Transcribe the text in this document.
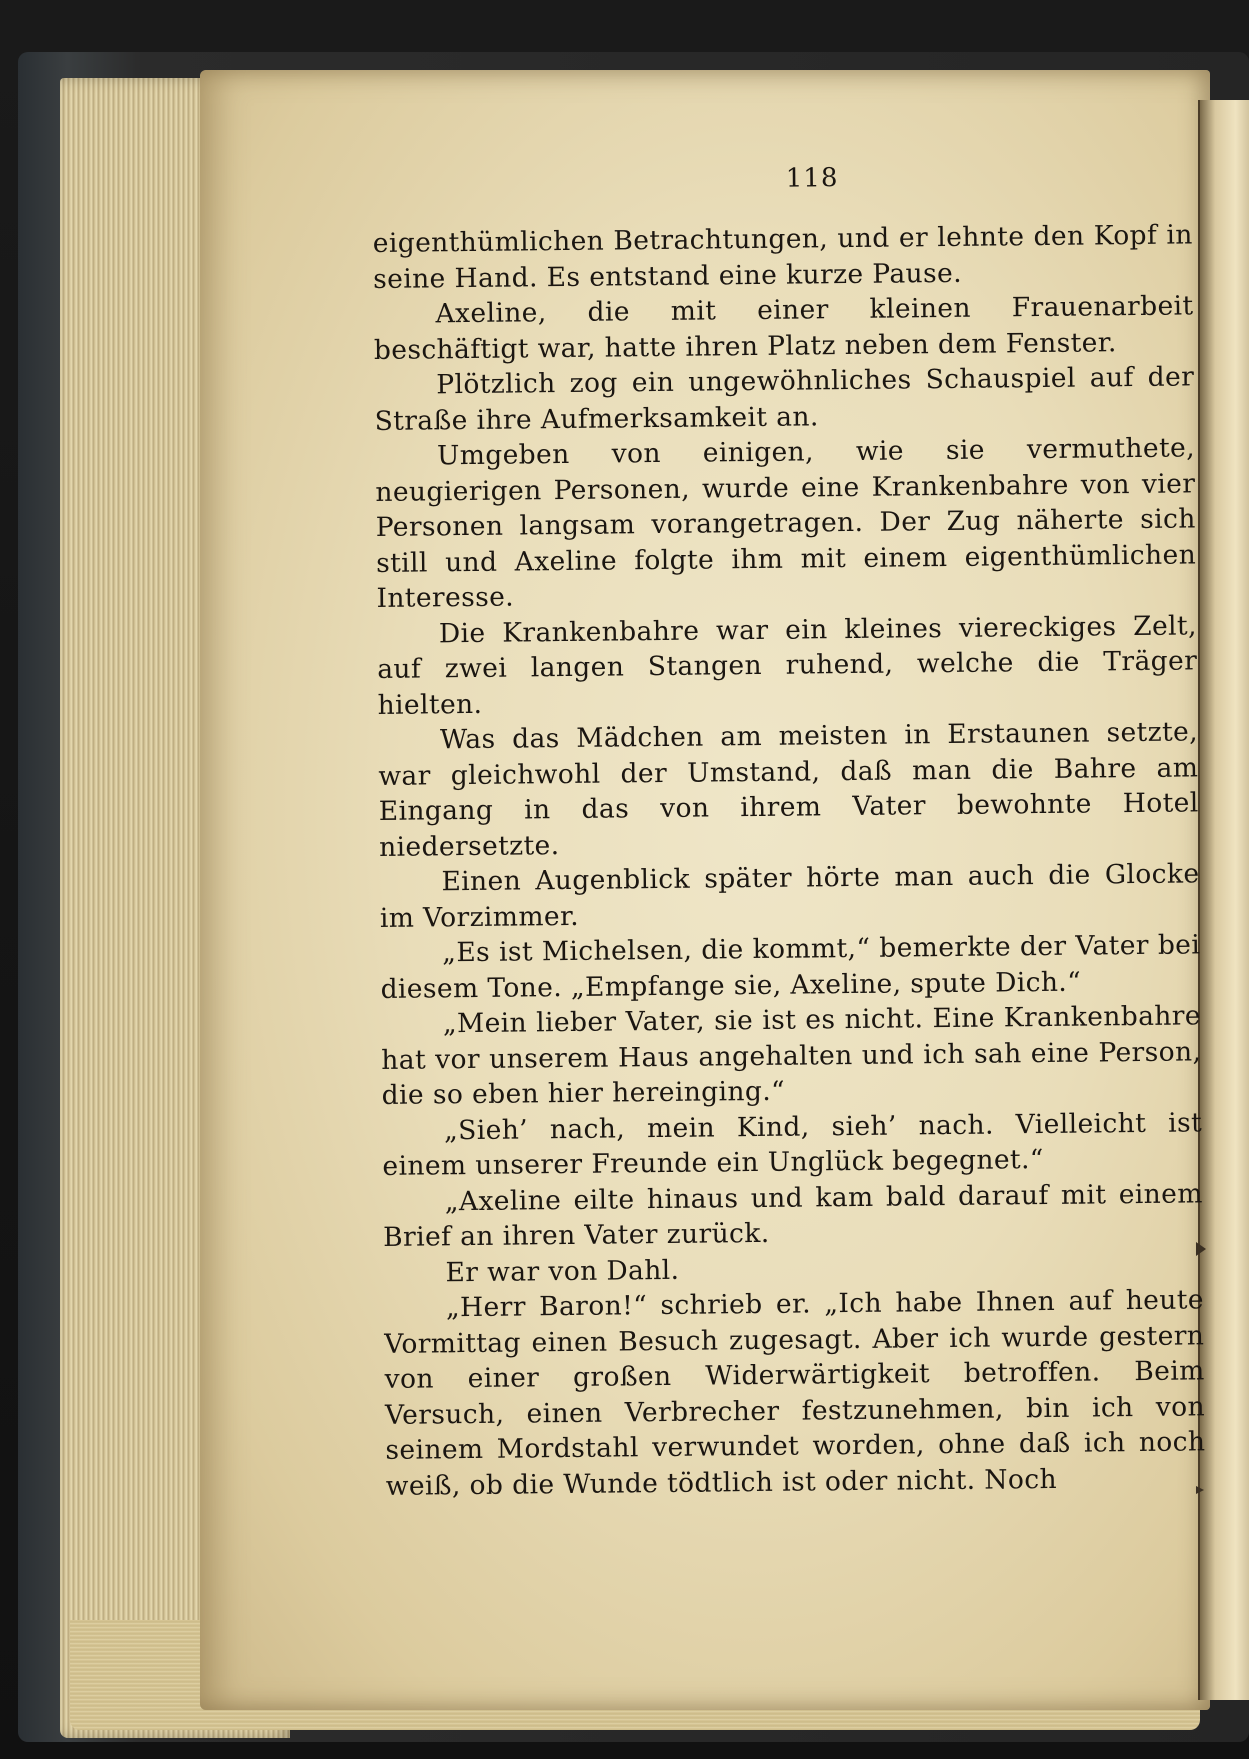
118

eigenthümlichen Betrachtungen, und er lehnte den Kopf in seine Hand. Es entstand eine kurze Pause.

Axeline, die mit einer kleinen Frauenarbeit beschäftigt war, hatte ihren Platz neben dem Fenster.

Plötzlich zog ein ungewöhnliches Schauspiel auf der Straße ihre Aufmerksamkeit an.

Umgeben von einigen, wie sie vermuthete, neugierigen Personen, wurde eine Krankenbahre von vier Personen langsam vorangetragen. Der Zug näherte sich still und Axeline folgte ihm mit einem eigenthümlichen Interesse.

Die Krankenbahre war ein kleines viereckiges Zelt, auf zwei langen Stangen ruhend, welche die Träger hielten.

Was das Mädchen am meisten in Erstaunen setzte, war gleichwohl der Umstand, daß man die Bahre am Eingang in das von ihrem Vater bewohnte Hotel niedersetzte.

Einen Augenblick später hörte man auch die Glocke im Vorzimmer.

„Es ist Michelsen, die kommt,“ bemerkte der Vater bei diesem Tone. „Empfange sie, Axeline, spute Dich.“

„Mein lieber Vater, sie ist es nicht. Eine Krankenbahre hat vor unserem Haus angehalten und ich sah eine Person, die so eben hier hereinging.“

„Sieh’ nach, mein Kind, sieh’ nach. Vielleicht ist einem unserer Freunde ein Unglück begegnet.“

„Axeline eilte hinaus und kam bald darauf mit einem Brief an ihren Vater zurück.

Er war von Dahl.

„Herr Baron!“ schrieb er. „Ich habe Ihnen auf heute Vormittag einen Besuch zugesagt. Aber ich wurde gestern von einer großen Widerwärtigkeit betroffen. Beim Versuch, einen Verbrecher festzunehmen, bin ich von seinem Mordstahl verwundet worden, ohne daß ich noch weiß, ob die Wunde tödtlich ist oder nicht. Noch
